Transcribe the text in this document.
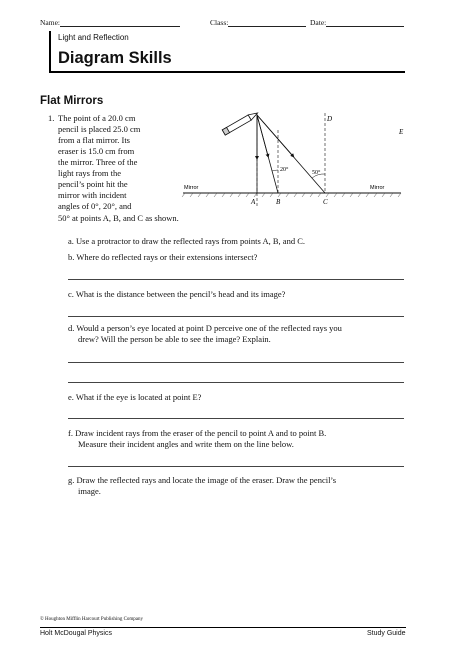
Name:	Class:	Date:
Light and Reflection
Diagram Skills
Flat Mirrors
1. The point of a 20.0 cm
pencil is placed 25.0 cm
from a flat mirror. Its
eraser is 15.0 cm from
the mirror. Three of the
light rays from the
pencil’s point hit the
mirror with incident
angles of 0°, 20°, and
50° at points A, B, and C as shown.
20°	50°
Mirror	Mirror
A	B	C
D
E
a. Use a protractor to draw the reflected rays from points A, B, and C.
b. Where do reflected rays or their extensions intersect?
c. What is the distance between the pencil’s head and its image?
d. Would a person’s eye located at point D perceive one of the reflected rays you
drew? Will the person be able to see the image? Explain.
e. What if the eye is located at point E?
f. Draw incident rays from the eraser of the pencil to point A and to point B.
Measure their incident angles and write them on the line below.
g. Draw the reflected rays and locate the image of the eraser. Draw the pencil’s
image.
© Houghton Mifflin Harcourt Publishing Company
Holt McDougal Physics	Study Guide
